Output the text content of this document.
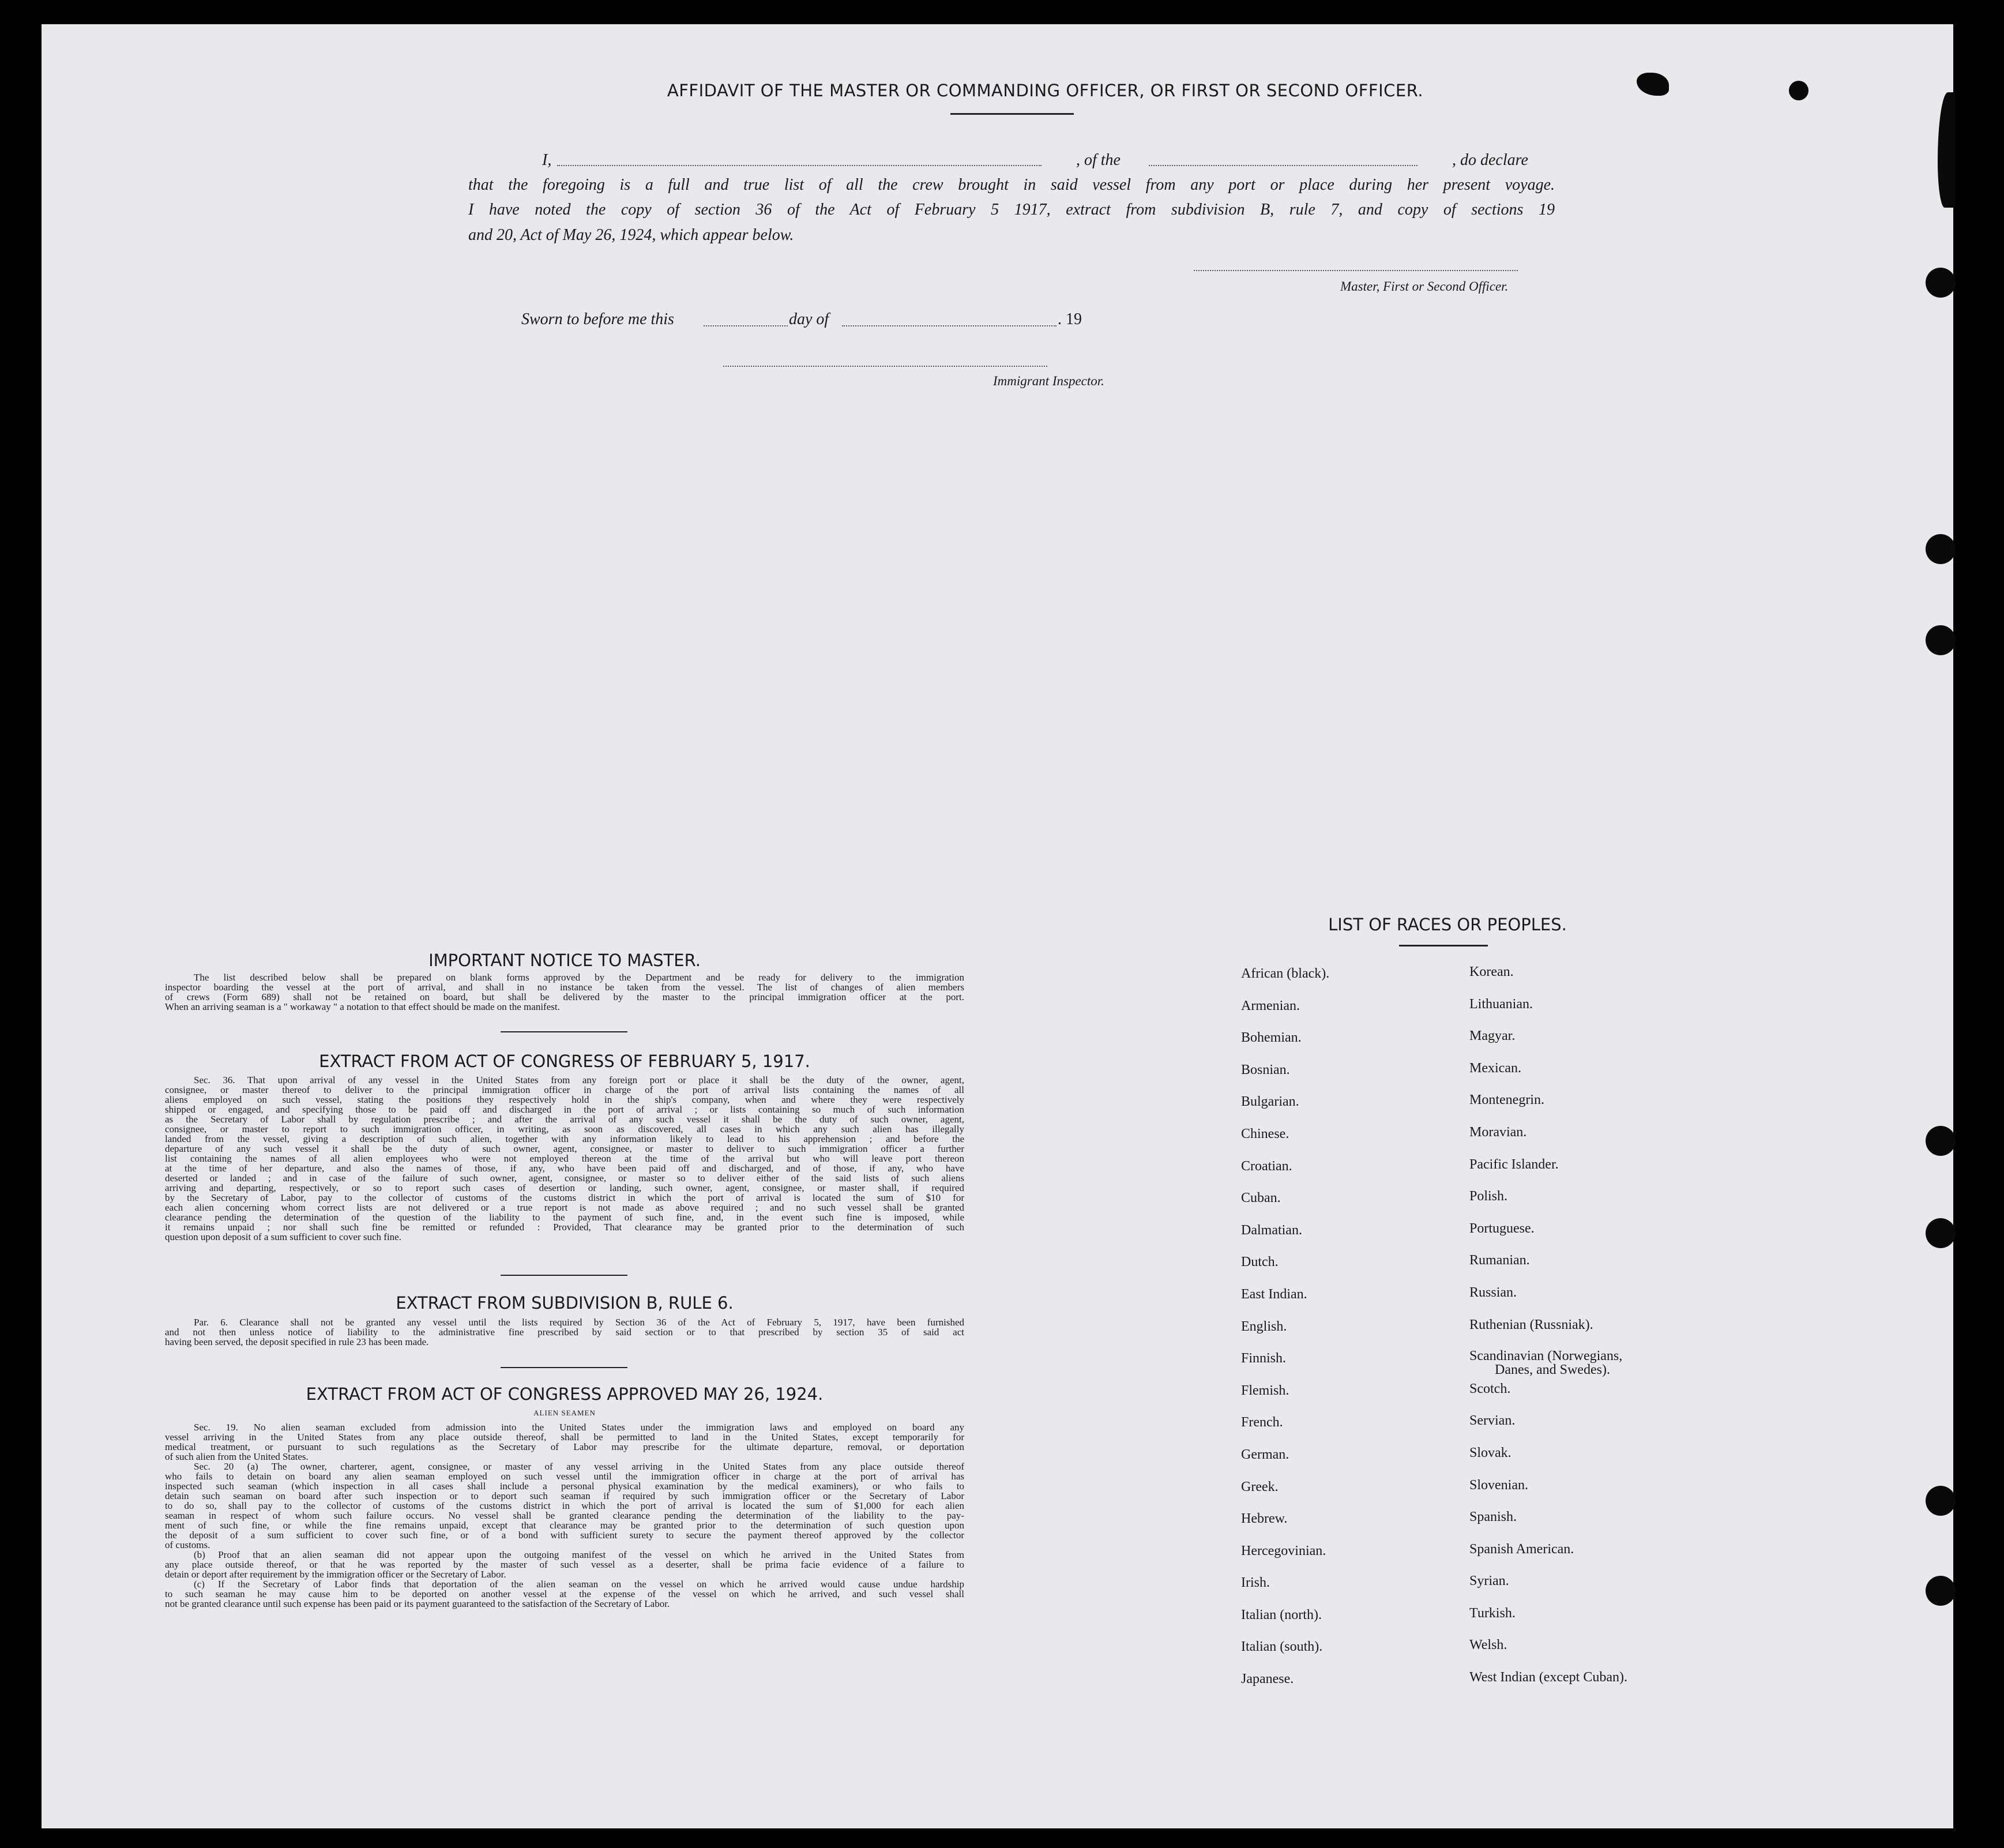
AFFIDAVIT OF THE MASTER OR COMMANDING OFFICER, OR FIRST OR SECOND OFFICER.
I,	, of the	, do declare
that the foregoing is a full and true list of all the crew brought in said vessel from any port or place during her present voyage.
I have noted the copy of section 36 of the Act of February 5 1917, extract from subdivision B, rule 7, and copy of sections 19
and 20, Act of May 26, 1924, which appear below.
Master, First or Second Officer.
Sworn to before me this	day of	. 19
Immigrant Inspector.
IMPORTANT NOTICE TO MASTER.

The list described below shall be prepared on blank forms approved by the Department and be ready for delivery to the immigration

inspector boarding the vessel at the port of arrival, and shall in no instance be taken from the vessel. The list of changes of alien members

of crews (Form 689) shall not be retained on board, but shall be delivered by the master to the principal immigration officer at the port.

When an arriving seaman is a " workaway " a notation to that effect should be made on the manifest.

EXTRACT FROM ACT OF CONGRESS OF FEBRUARY 5, 1917.

Sec. 36. That upon arrival of any vessel in the United States from any foreign port or place it shall be the duty of the owner, agent,

consignee, or master thereof to deliver to the principal immigration officer in charge of the port of arrival lists containing the names of all

aliens employed on such vessel, stating the positions they respectively hold in the ship's company, when and where they were respectively

shipped or engaged, and specifying those to be paid off and discharged in the port of arrival ; or lists containing so much of such information

as the Secretary of Labor shall by regulation prescribe ; and after the arrival of any such vessel it shall be the duty of such owner, agent,

consignee, or master to report to such immigration officer, in writing, as soon as discovered, all cases in which any such alien has illegally

landed from the vessel, giving a description of such alien, together with any information likely to lead to his apprehension ; and before the

departure of any such vessel it shall be the duty of such owner, agent, consignee, or master to deliver to such immigration officer a further

list containing the names of all alien employees who were not employed thereon at the time of the arrival but who will leave port thereon

at the time of her departure, and also the names of those, if any, who have been paid off and discharged, and of those, if any, who have

deserted or landed ; and in case of the failure of such owner, agent, consignee, or master so to deliver either of the said lists of such aliens

arriving and departing, respectively, or so to report such cases of desertion or landing, such owner, agent, consignee, or master shall, if required

by the Secretary of Labor, pay to the collector of customs of the customs district in which the port of arrival is located the sum of $10 for

each alien concerning whom correct lists are not delivered or a true report is not made as above required ; and no such vessel shall be granted

clearance pending the determination of the question of the liability to the payment of such fine, and, in the event such fine is imposed, while

it remains unpaid ; nor shall such fine be remitted or refunded : Provided, That clearance may be granted prior to the determination of such

question upon deposit of a sum sufficient to cover such fine.

EXTRACT FROM SUBDIVISION B, RULE 6.

Par. 6. Clearance shall not be granted any vessel until the lists required by Section 36 of the Act of February 5, 1917, have been furnished

and not then unless notice of liability to the administrative fine prescribed by said section or to that prescribed by section 35 of said act

having been served, the deposit specified in rule 23 has been made.

EXTRACT FROM ACT OF CONGRESS APPROVED MAY 26, 1924.
ALIEN SEAMEN

Sec. 19. No alien seaman excluded from admission into the United States under the immigration laws and employed on board any

vessel arriving in the United States from any place outside thereof, shall be permitted to land in the United States, except temporarily for

medical treatment, or pursuant to such regulations as the Secretary of Labor may prescribe for the ultimate departure, removal, or deportation

of such alien from the United States.

Sec. 20 (a) The owner, charterer, agent, consignee, or master of any vessel arriving in the United States from any place outside thereof

who fails to detain on board any alien seaman employed on such vessel until the immigration officer in charge at the port of arrival has

inspected such seaman (which inspection in all cases shall include a personal physical examination by the medical examiners), or who fails to

detain such seaman on board after such inspection or to deport such seaman if required by such immigration officer or the Secretary of Labor

to do so, shall pay to the collector of customs of the customs district in which the port of arrival is located the sum of $1,000 for each alien

seaman in respect of whom such failure occurs. No vessel shall be granted clearance pending the determination of the liability to the pay-

ment of such fine, or while the fine remains unpaid, except that clearance may be granted prior to the determination of such question upon

the deposit of a sum sufficient to cover such fine, or of a bond with sufficient surety to secure the payment thereof approved by the collector

of customs.

(b) Proof that an alien seaman did not appear upon the outgoing manifest of the vessel on which he arrived in the United States from

any place outside thereof, or that he was reported by the master of such vessel as a deserter, shall be prima facie evidence of a failure to

detain or deport after requirement by the immigration officer or the Secretary of Labor.

(c) If the Secretary of Labor finds that deportation of the alien seaman on the vessel on which he arrived would cause undue hardship

to such seaman he may cause him to be deported on another vessel at the expense of the vessel on which he arrived, and such vessel shall

not be granted clearance until such expense has been paid or its payment guaranteed to the satisfaction of the Secretary of Labor.

LIST OF RACES OR PEOPLES.
African (black).
Armenian.
Bohemian.
Bosnian.
Bulgarian.
Chinese.
Croatian.
Cuban.
Dalmatian.
Dutch.
East Indian.
English.
Finnish.
Flemish.
French.
German.
Greek.
Hebrew.
Hercegovinian.
Irish.
Italian (north).
Italian (south).
Japanese.
Korean.
Lithuanian.
Magyar.
Mexican.
Montenegrin.
Moravian.
Pacific Islander.
Polish.
Portuguese.
Rumanian.
Russian.
Ruthenian (Russniak).
Scandinavian (Norwegians,
Danes, and Swedes).
Scotch.
Servian.
Slovak.
Slovenian.
Spanish.
Spanish American.
Syrian.
Turkish.
Welsh.
West Indian (except Cuban).
